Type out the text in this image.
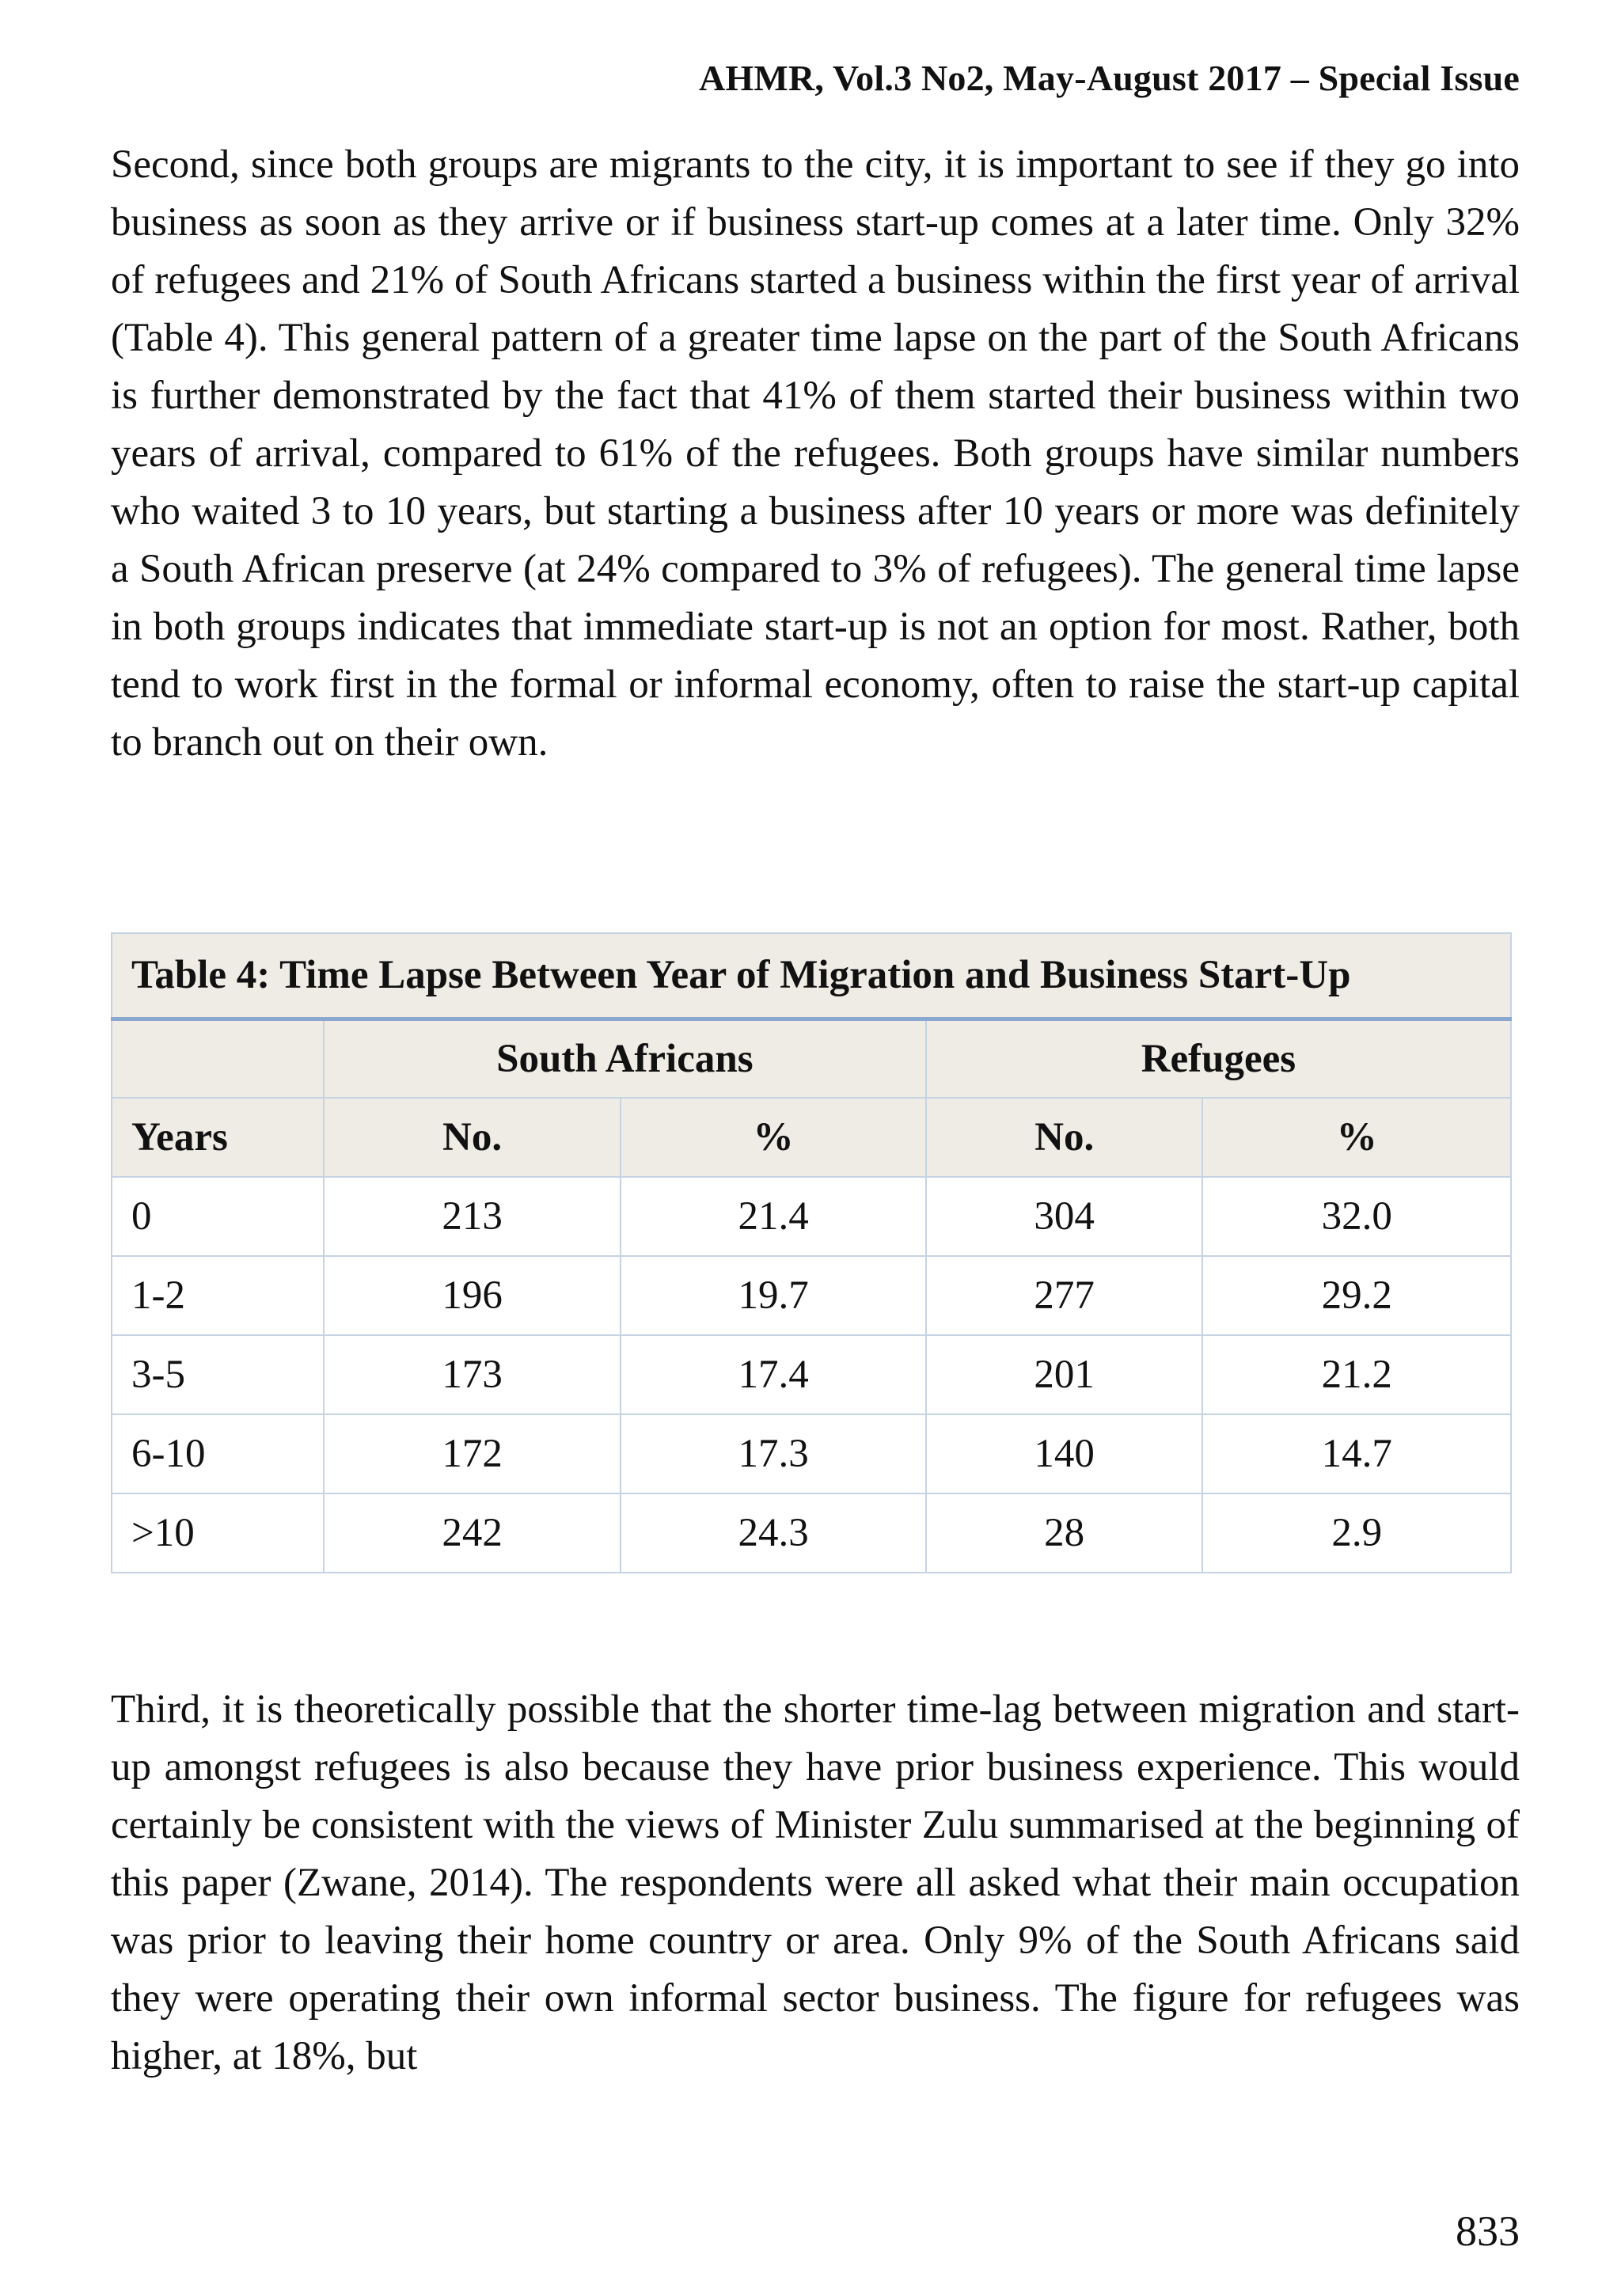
AHMR, Vol.3 No2, May-August 2017 – Special Issue
Second, since both groups are migrants to the city, it is important to see if they go into business as soon as they arrive or if business start-up comes at a later time. Only 32% of refugees and 21% of South Africans started a business within the first year of arrival (Table 4). This general pattern of a greater time lapse on the part of the South Africans is further demonstrated by the fact that 41% of them started their business within two years of arrival, compared to 61% of the refugees. Both groups have similar numbers who waited 3 to 10 years, but starting a business after 10 years or more was definitely a South African preserve (at 24% compared to 3% of refugees). The general time lapse in both groups indicates that immediate start-up is not an option for most. Rather, both tend to work first in the formal or informal economy, often to raise the start-up capital to branch out on their own.
Table 4: Time Lapse Between Year of Migration and Business Start-Up				
	South Africans		Refugees	
Years	No.	%	No.	%
0	213	21.4	304	32.0
1-2	196	19.7	277	29.2
3-5	173	17.4	201	21.2
6-10	172	17.3	140	14.7
>10	242	24.3	28	2.9
Third, it is theoretically possible that the shorter time-lag between migration and start-up amongst refugees is also because they have prior business experience. This would certainly be consistent with the views of Minister Zulu summarised at the beginning of this paper (Zwane, 2014). The respondents were all asked what their main occupation was prior to leaving their home country or area. Only 9% of the South Africans said they were operating their own informal sector business. The figure for refugees was higher, at 18%, but
833
